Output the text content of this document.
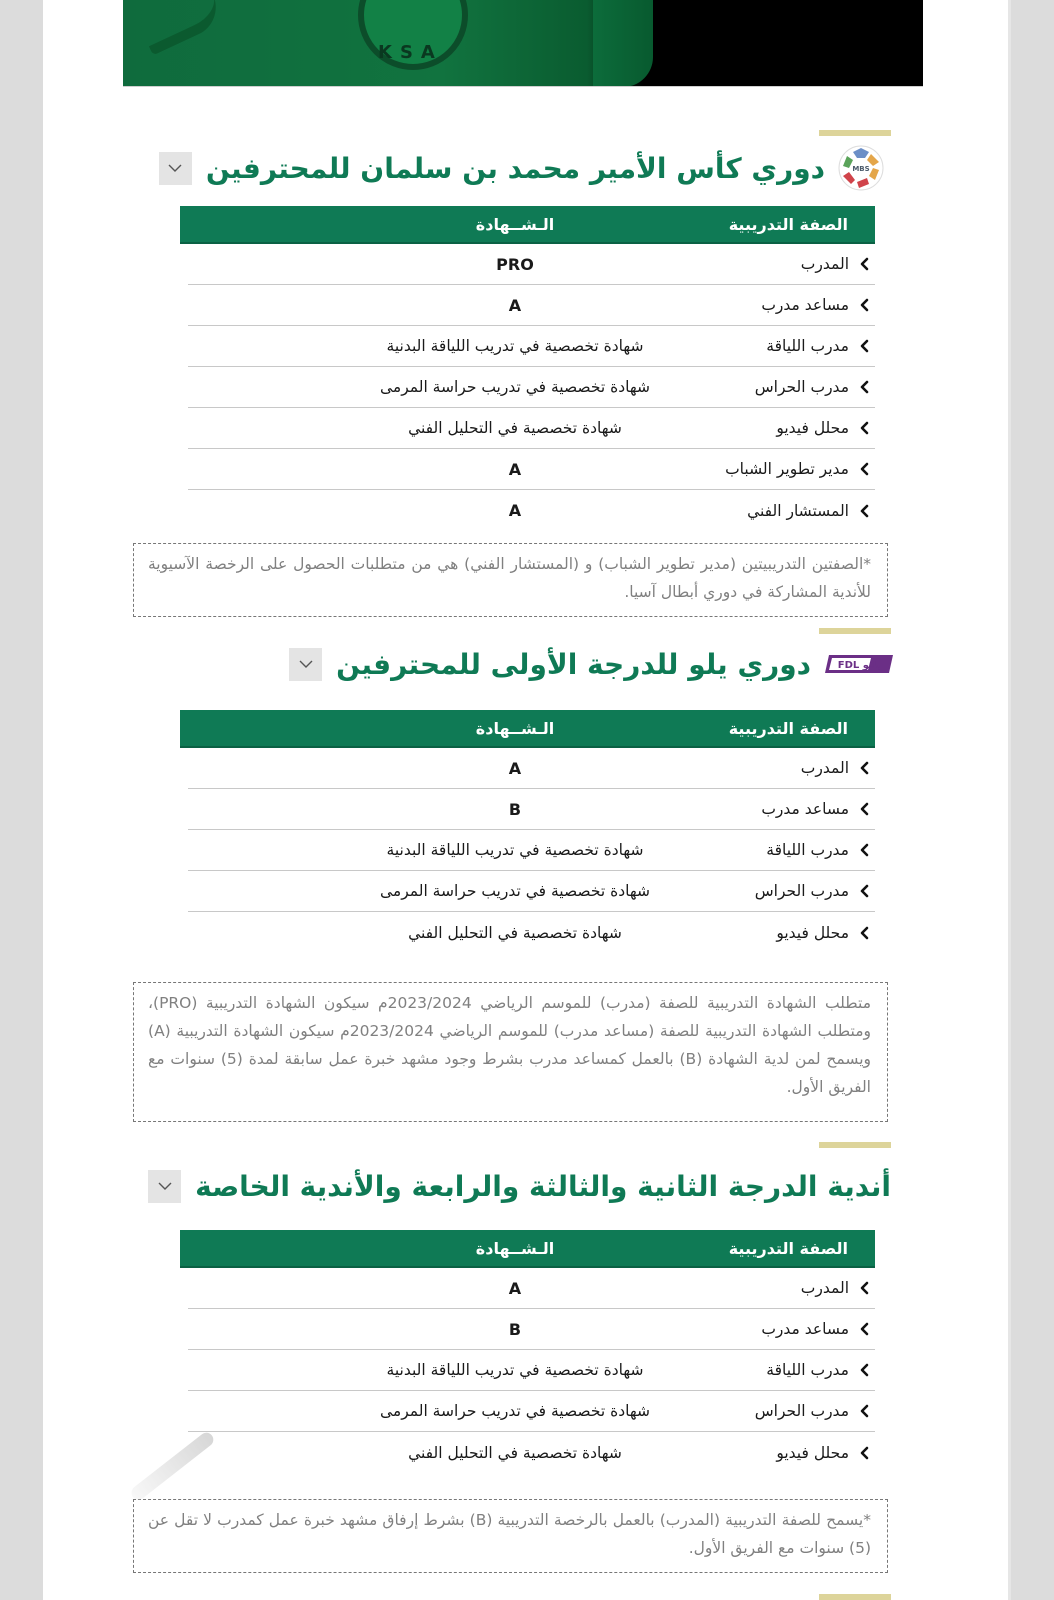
KSA
MBS
دوري كأس الأمير محمد بن سلمان للمحترفين
الصفة التدريبية
الـشــهادة
المدرب
PRO
مساعد مدرب
A
مدرب اللياقة
شهادة تخصصية في تدريب اللياقة البدنية
مدرب الحراس
شهادة تخصصية في تدريب حراسة المرمى
محلل فيديو
شهادة تخصصية في التحليل الفني
مدير تطوير الشباب
A
المستشار الفني
A
*الصفتين التدريبيتين (مدير تطوير الشباب) و (المستشار الفني) هي من متطلبات الحصول على الرخصة الآسيوية للأندية المشاركة في دوري أبطال آسيا.
يلـو FDL
دوري يلو للدرجة الأولى للمحترفين
الصفة التدريبية
الـشــهادة
المدرب
A
مساعد مدرب
B
مدرب اللياقة
شهادة تخصصية في تدريب اللياقة البدنية
مدرب الحراس
شهادة تخصصية في تدريب حراسة المرمى
محلل فيديو
شهادة تخصصية في التحليل الفني
متطلب الشهادة التدريبية للصفة (مدرب) للموسم الرياضي 2023/2024م سيكون الشهادة التدريبية (PRO)، ومتطلب الشهادة التدريبية للصفة (مساعد مدرب) للموسم الرياضي 2023/2024م سيكون الشهادة التدريبية (A) ويسمح لمن لدية الشهادة (B) بالعمل كمساعد مدرب بشرط وجود مشهد خبرة عمل سابقة لمدة (5) سنوات مع الفريق الأول.
أندية الدرجة الثانية والثالثة والرابعة والأندية الخاصة
الصفة التدريبية
الـشــهادة
المدرب
A
مساعد مدرب
B
مدرب اللياقة
شهادة تخصصية في تدريب اللياقة البدنية
مدرب الحراس
شهادة تخصصية في تدريب حراسة المرمى
محلل فيديو
شهادة تخصصية في التحليل الفني
*يسمح للصفة التدريبية (المدرب) بالعمل بالرخصة التدريبية (B) بشرط إرفاق مشهد خبرة عمل كمدرب لا تقل عن (5) سنوات مع الفريق الأول.
